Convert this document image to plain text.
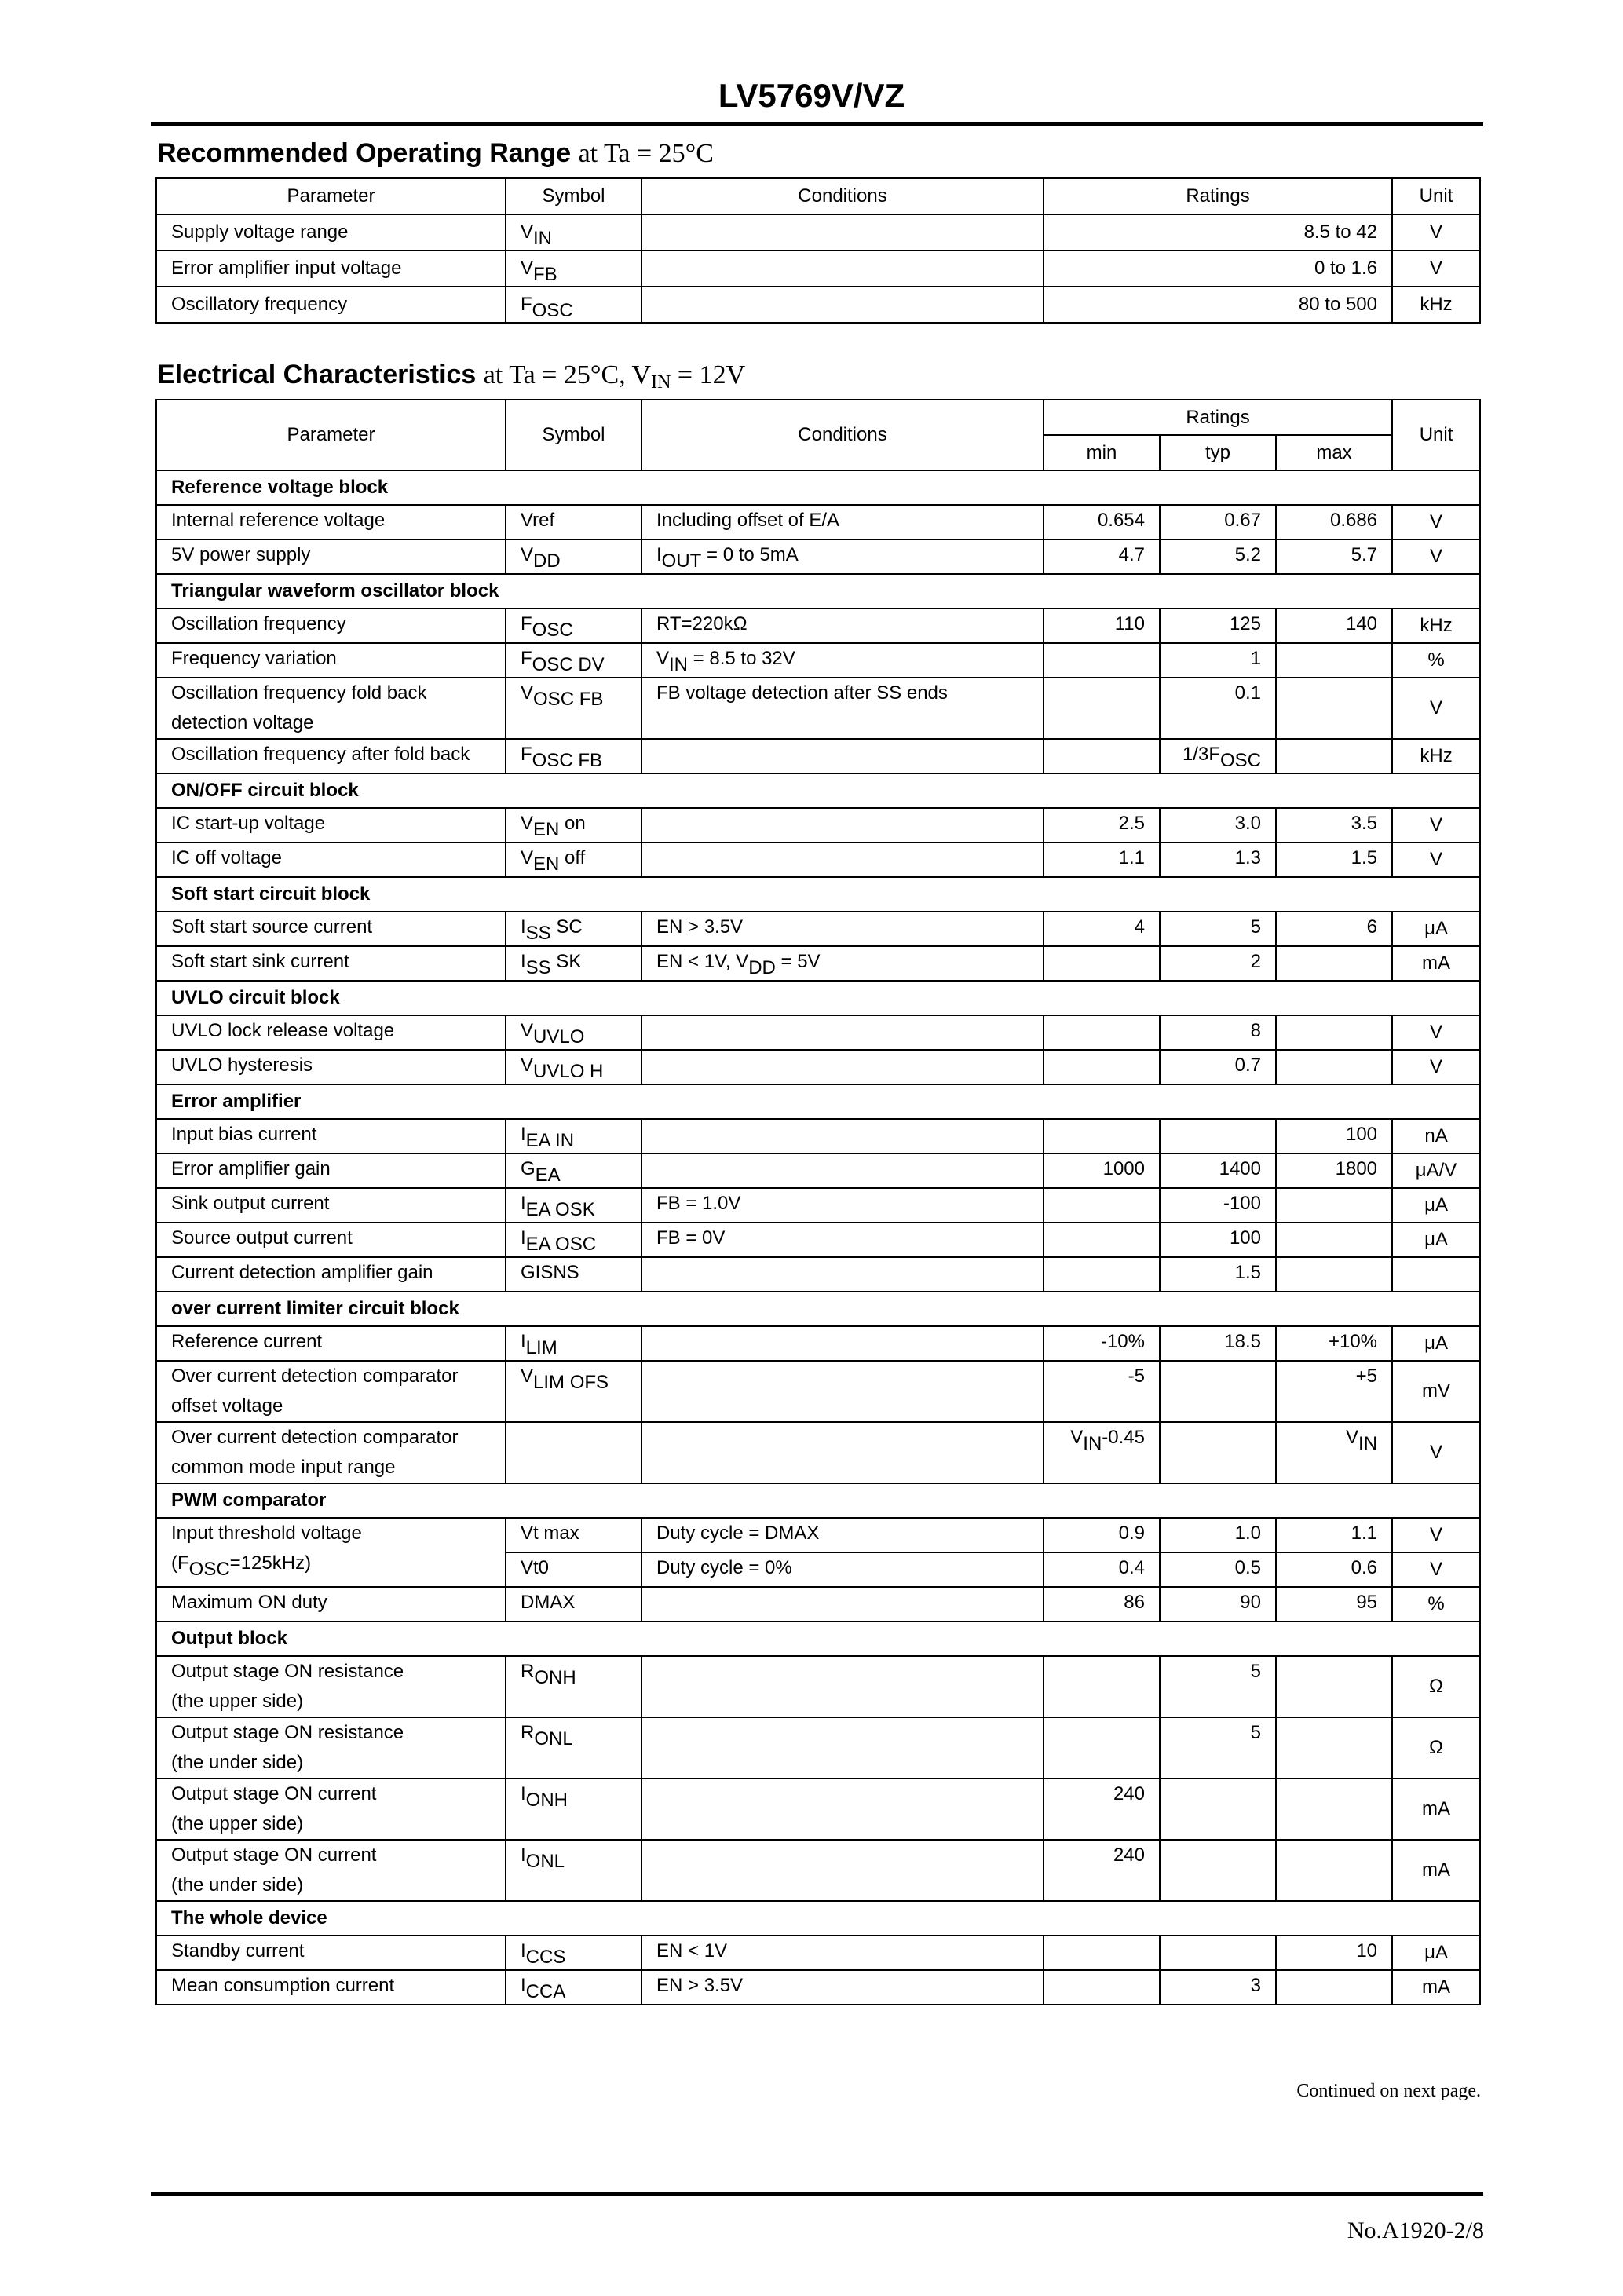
LV5769V/VZ
Recommended Operating Range at Ta = 25°C
Parameter	Symbol	Conditions	Ratings	Unit
Supply voltage range	$V_{IN}$		8.5 to 42	V
Error amplifier input voltage	$V_{FB}$		0 to 1.6	V
Oscillatory frequency	$F_{OSC}$		80 to 500	kHz
Electrical Characteristics at Ta = 25°C, $V_{IN} = 12V$
Parameter	Symbol	Conditions	Ratings			Unit
			min	typ	max	
Reference voltage block						
Internal reference voltage	Vref	Including offset of E/A	0.654	0.67	0.686	V
5V power supply	$V_{DD}$	$I_{OUT} = 0$ to 5mA	4.7	5.2	5.7	V
Triangular waveform oscillator block						
Oscillation frequency	$F_{OSC}$	RT=220kΩ	110	125	140	kHz
Frequency variation	$F_{OSC DV}$	$V_{IN} = 8.5$ to 32V		1		%
Oscillation frequency fold back
detection voltage	$V_{OSC FB}$	FB voltage detection after SS ends		0.1		V
Oscillation frequency after fold back	$F_{OSC FB}$			$1/3F_{OSC}$		kHz
ON/OFF circuit block						
IC start-up voltage	$V_{EN}$ on		2.5	3.0	3.5	V
IC off voltage	$V_{EN}$ off		1.1	1.3	1.5	V
Soft start circuit block						
Soft start source current	$I_{SS}$ SC	EN > 3.5V	4	5	6	μA
Soft start sink current	$I_{SS}$ SK	EN < 1V, $V_{DD} = 5V$		2		mA
UVLO circuit block						
UVLO lock release voltage	$V_{UVLO}$			8		V
UVLO hysteresis	$V_{UVLO H}$			0.7		V
Error amplifier						
Input bias current	$I_{EA IN}$				100	nA
Error amplifier gain	$G_{EA}$		1000	1400	1800	μA/V
Sink output current	$I_{EA OSK}$	FB = 1.0V		-100		μA
Source output current	$I_{EA OSC}$	FB = 0V		100		μA
Current detection amplifier gain	GISNS			1.5		
over current limiter circuit block						
Reference current	$I_{LIM}$		-10%	18.5	+10%	μA
Over current detection comparator
offset voltage	$V_{LIM OFS}$		-5		+5	mV
Over current detection comparator
common mode input range			$V_{IN}-0.45$		$V_{IN}$	V
PWM comparator						
Input threshold voltage
$(F_{OSC}=125kHz)$	Vt max	Duty cycle = DMAX	0.9	1.0	1.1	V
	Vt0	Duty cycle = 0%	0.4	0.5	0.6	V
Maximum ON duty	DMAX		86	90	95	%
Output block						
Output stage ON resistance
(the upper side)	$R_{ONH}$			5		Ω
Output stage ON resistance
(the under side)	$R_{ONL}$			5		Ω
Output stage ON current
(the upper side)	$I_{ONH}$		240			mA
Output stage ON current
(the under side)	$I_{ONL}$		240			mA
The whole device						
Standby current	$I_{CCS}$	EN < 1V			10	μA
Mean consumption current	$I_{CCA}$	EN > 3.5V		3		mA
Continued on next page.
No.A1920-2/8
